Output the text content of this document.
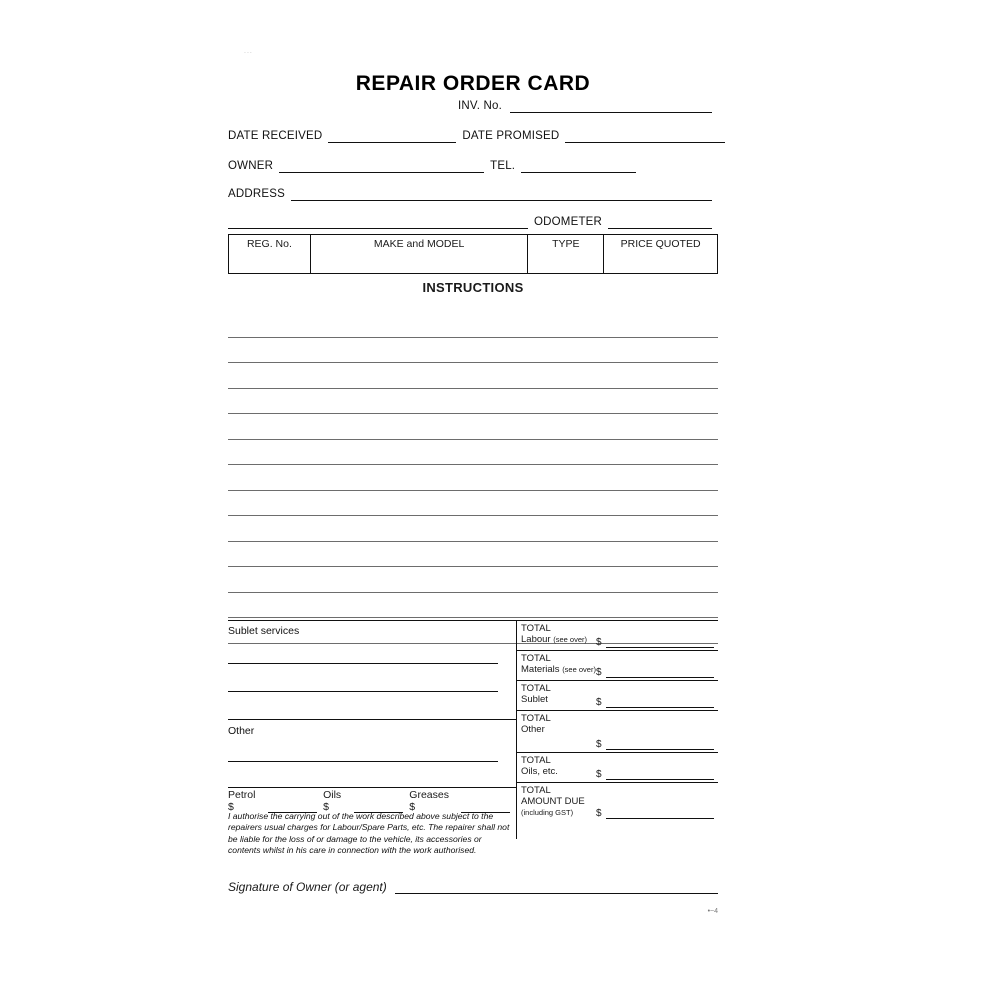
...
REPAIR ORDER CARD
INV. No.
DATE RECEIVED	DATE PROMISED
OWNER	TEL.
ADDRESS
ODOMETER
REG. No.	MAKE and MODEL	TYPE	PRICE QUOTED
INSTRUCTIONS
Sublet services
Other
Petrol $
Oils $
Greases $
I authorise the carrying out of the work described above subject to the repairers usual charges for Labour/Spare Parts, etc. The repairer shall not be liable for the loss of or damage to the vehicle, its accessories or contents whilst in his care in connection with the work authorised.
TOTAL
Labour (see over) $
TOTAL
Materials (see over) $
TOTAL
Sublet	$
TOTAL
Other
$
TOTAL
Oils, etc.	$
TOTAL
AMOUNT DUE
(including GST)	$
Signature of Owner (or agent)
•~4
